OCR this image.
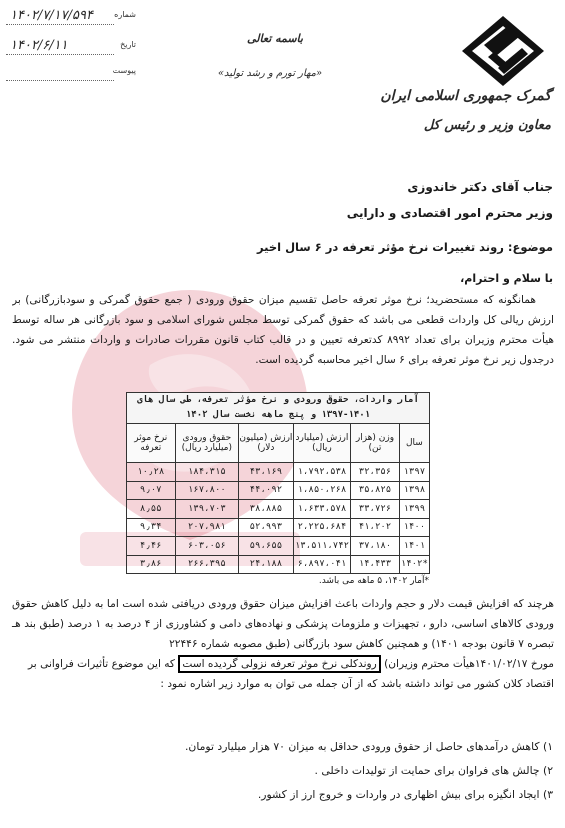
شماره
۱۴۰۲/۷/۱۷/۵۹۴
تاریخ
۱۴۰۲/۶/۱۱
پیوست
باسمه تعالی
«مهار تورم و رشد تولید»
گمرک جمهوری اسلامی ایران
معاون وزیر و رئیس کل
جناب آقای دکتر خاندوزی
وزیر محترم امور اقتصادی و دارایی
موضوع: روند تغییرات نرخ مؤثر تعرفه در ۶ سال اخیر
با سلام و احترام،

همانگونه که مستحضرید؛ نرخ موثر تعرفه حاصل تقسیم میزان حقوق ورودی ( جمع حقوق گمرکی و سودبازرگانی) بر ارزش ریالی کل واردات قطعی می باشد که حقوق گمرکی توسط مجلس شورای اسلامی و سود بازرگانی هر ساله توسط هیأت محترم وزیران برای تعداد ۸۹۹۲ کدتعرفه تعیین و در قالب کتاب قانون مقررات صادرات و واردات منتشر می شود. درجدول زیر نرخ موثر تعرفه برای ۶ سال اخیر محاسبه گردیده است.

آمار واردات، حقوق ورودی و نرخ مؤثر تعرفه، طی سال های ۱۴۰۱-۱۳۹۷ و پنج ماهه نخست سال ۱۴۰۲					
سال	وزن (هزار تن)	ارزش (میلیارد ریال)	ارزش (میلیون دلار)	حقوق ورودی (میلیارد ریال)	نرخ موثر تعرفه
۱۳۹۷	۳۲،۳۵۶	۱،۷۹۲،۵۳۸	۴۳،۱۶۹	۱۸۴،۳۱۵	۱۰٫۲۸
۱۳۹۸	۳۵،۸۲۵	۱،۸۵۰،۲۶۸	۴۴،۰۹۲	۱۶۷،۸۰۰	۹٫۰۷
۱۳۹۹	۳۳،۷۲۶	۱،۶۳۳،۵۷۸	۳۸،۸۸۵	۱۳۹،۷۰۳	۸٫۵۵
۱۴۰۰	۴۱،۲۰۲	۲،۲۲۵،۶۸۴	۵۲،۹۹۳	۲۰۷،۹۸۱	۹٫۳۴
۱۴۰۱	۳۷،۱۸۰	۱۳،۵۱۱،۷۴۲	۵۹،۶۵۵	۶۰۳،۰۵۶	۴٫۴۶
*۱۴۰۲	۱۴،۴۳۳	۶،۸۹۷،۰۴۱	۲۴،۱۸۸	۲۶۶،۳۹۵	۳٫۸۶
*آمار ۱۴۰۲، ۵ ماهه می باشد.

هرچند که افزایش قیمت دلار و حجم واردات باعث افزایش میزان حقوق ورودی دریافتی شده است اما به دلیل کاهش حقوق ورودی کالاهای اساسی، دارو ، تجهیزات و ملزومات پزشکی و نهاده‌های دامی و کشاورزی از ۴ درصد به ۱ درصد (طبق بند هـ تبصره ۷ قانون بودجه ۱۴۰۱) و همچنین کاهش سود بازرگانی (طبق مصوبه شماره ۲۲۴۴۶

مورخ ۱۴۰۱/۰۲/۱۷هیأت محترم وزیران) روندکلی نرخ موثر تعرفه نزولی گردیده است که این موضوع تأثیرات فراوانی بر

اقتصاد کلان کشور می تواند داشته باشد که از آن جمله می توان به موارد زیر اشاره نمود :

۱) کاهش درآمدهای حاصل از حقوق ورودی حداقل به میزان ۷۰ هزار میلیارد تومان.
۲) چالش های فراوان برای حمایت از تولیدات داخلی .
۳) ایجاد انگیزه برای بیش اظهاری در واردات و خروج ارز از کشور.
